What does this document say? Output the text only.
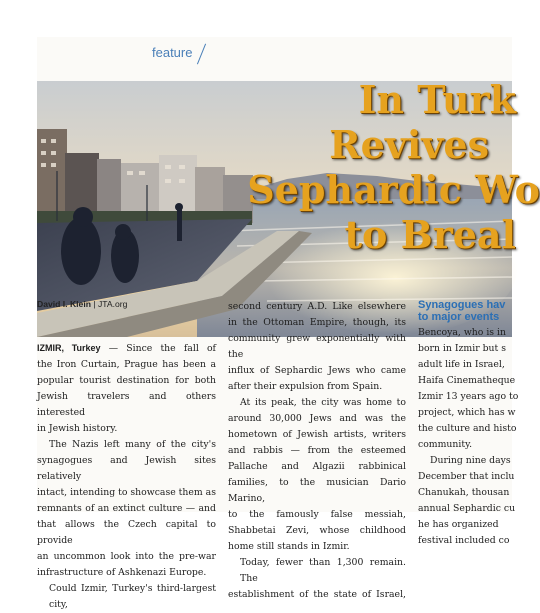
feature
In Turk
Revives
Sephardic Wo
to Breal
David I. Klein | JTA.org
IZMIR, Turkey — Since the fall of
the Iron Curtain, Prague has been a
popular tourist destination for both
Jewish travelers and others interested
in Jewish history.
The Nazis left many of the city's
synagogues and Jewish sites relatively
intact, intending to showcase them as
remnants of an extinct culture — and
that allows the Czech capital to provide
an uncommon look into the pre-war
infrastructure of Ashkenazi Europe.
Could Izmir, Turkey's third-largest city,
second century A.D. Like elsewhere
in the Ottoman Empire, though, its
community grew exponentially with the
influx of Sephardic Jews who came
after their expulsion from Spain.
At its peak, the city was home to
around 30,000 Jews and was the
hometown of Jewish artists, writers
and rabbis — from the esteemed
Pallache and Algazii rabbinical
families, to the musician Dario Marino,
to the famously false messiah,
Shabbetai Zevi, whose childhood
home still stands in Izmir.
Today, fewer than 1,300 remain. The
establishment of the state of Israel,
Synagogues hav
to major events
Bencoya, who is in
born in Izmir but s
adult life in Israel,
Haifa Cinematheque
Izmir 13 years ago to
project, which has w
the culture and histo
community.
During nine days
December that inclu
Chanukah, thousan
annual Sephardic cu
he has organized
festival included co
